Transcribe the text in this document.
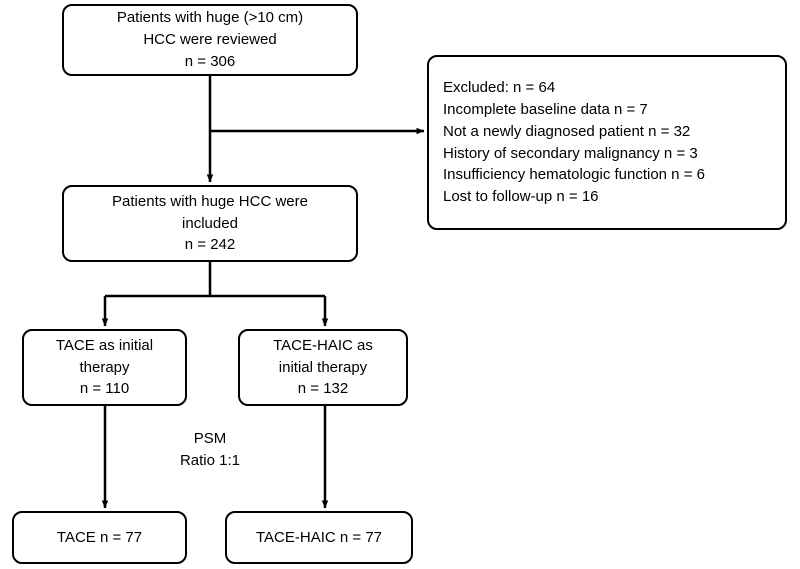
Patients with huge (>10 cm)
HCC were reviewed
n = 306
Excluded: n = 64
Incomplete baseline data n = 7
Not a newly diagnosed patient n = 32
History of secondary malignancy n = 3
Insufficiency hematologic function n = 6
Lost to follow-up n = 16
Patients with huge HCC were
included
n = 242
TACE as initial
therapy
n = 110
TACE-HAIC as
initial therapy
n = 132
PSM
Ratio 1:1
TACE n = 77	TACE-HAIC n = 77
